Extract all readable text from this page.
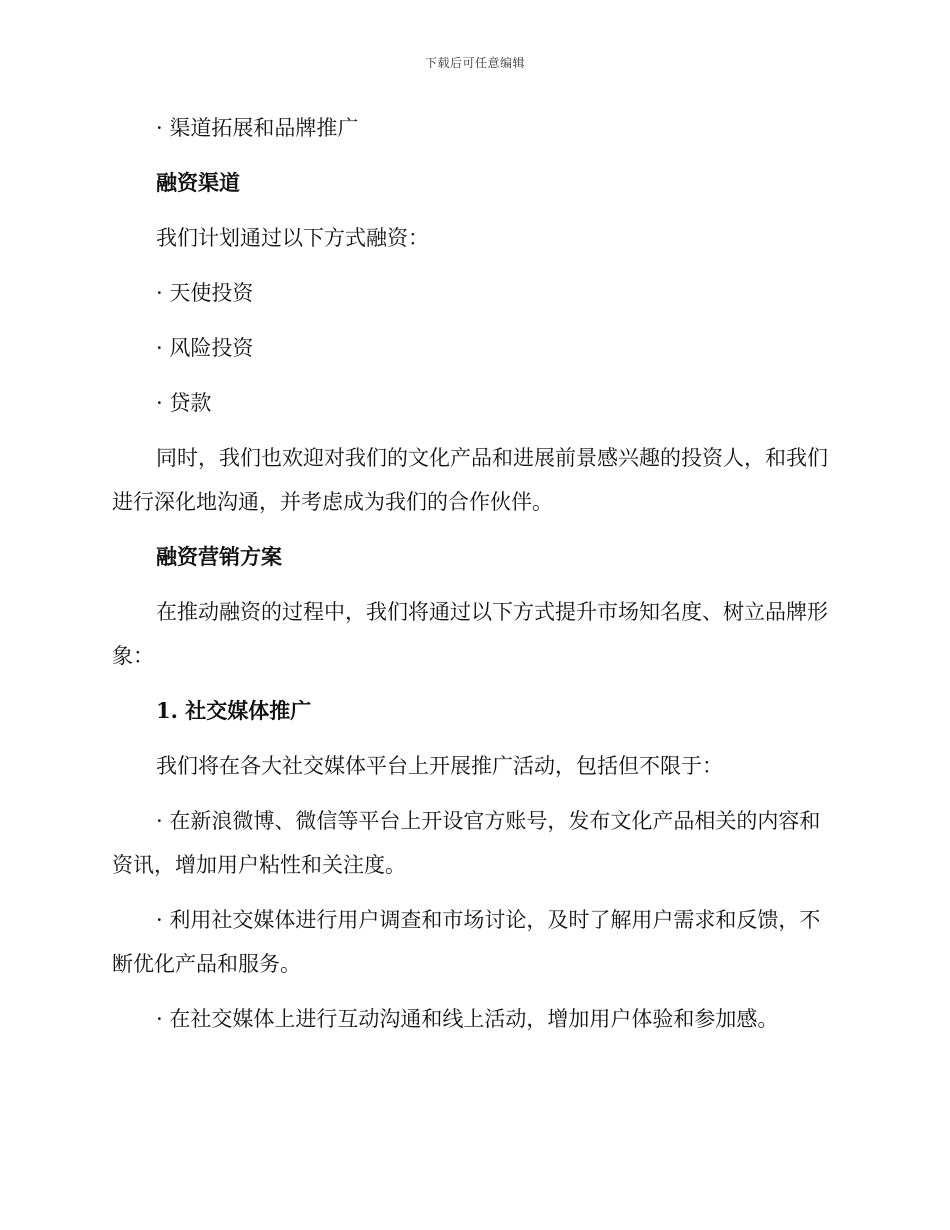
下载后可任意编辑
· 渠道拓展和品牌推广
融资渠道
我们计划通过以下方式融资：
· 天使投资
· 风险投资
· 贷款
同时，我们也欢迎对我们的文化产品和进展前景感兴趣的投资人，和我们进行深化地沟通，并考虑成为我们的合作伙伴。
融资营销方案
在推动融资的过程中，我们将通过以下方式提升市场知名度、树立品牌形象：
1. 社交媒体推广
我们将在各大社交媒体平台上开展推广活动，包括但不限于：
· 在新浪微博、微信等平台上开设官方账号，发布文化产品相关的内容和资讯，增加用户粘性和关注度。
· 利用社交媒体进行用户调查和市场讨论，及时了解用户需求和反馈，不断优化产品和服务。
· 在社交媒体上进行互动沟通和线上活动，增加用户体验和参加感。
